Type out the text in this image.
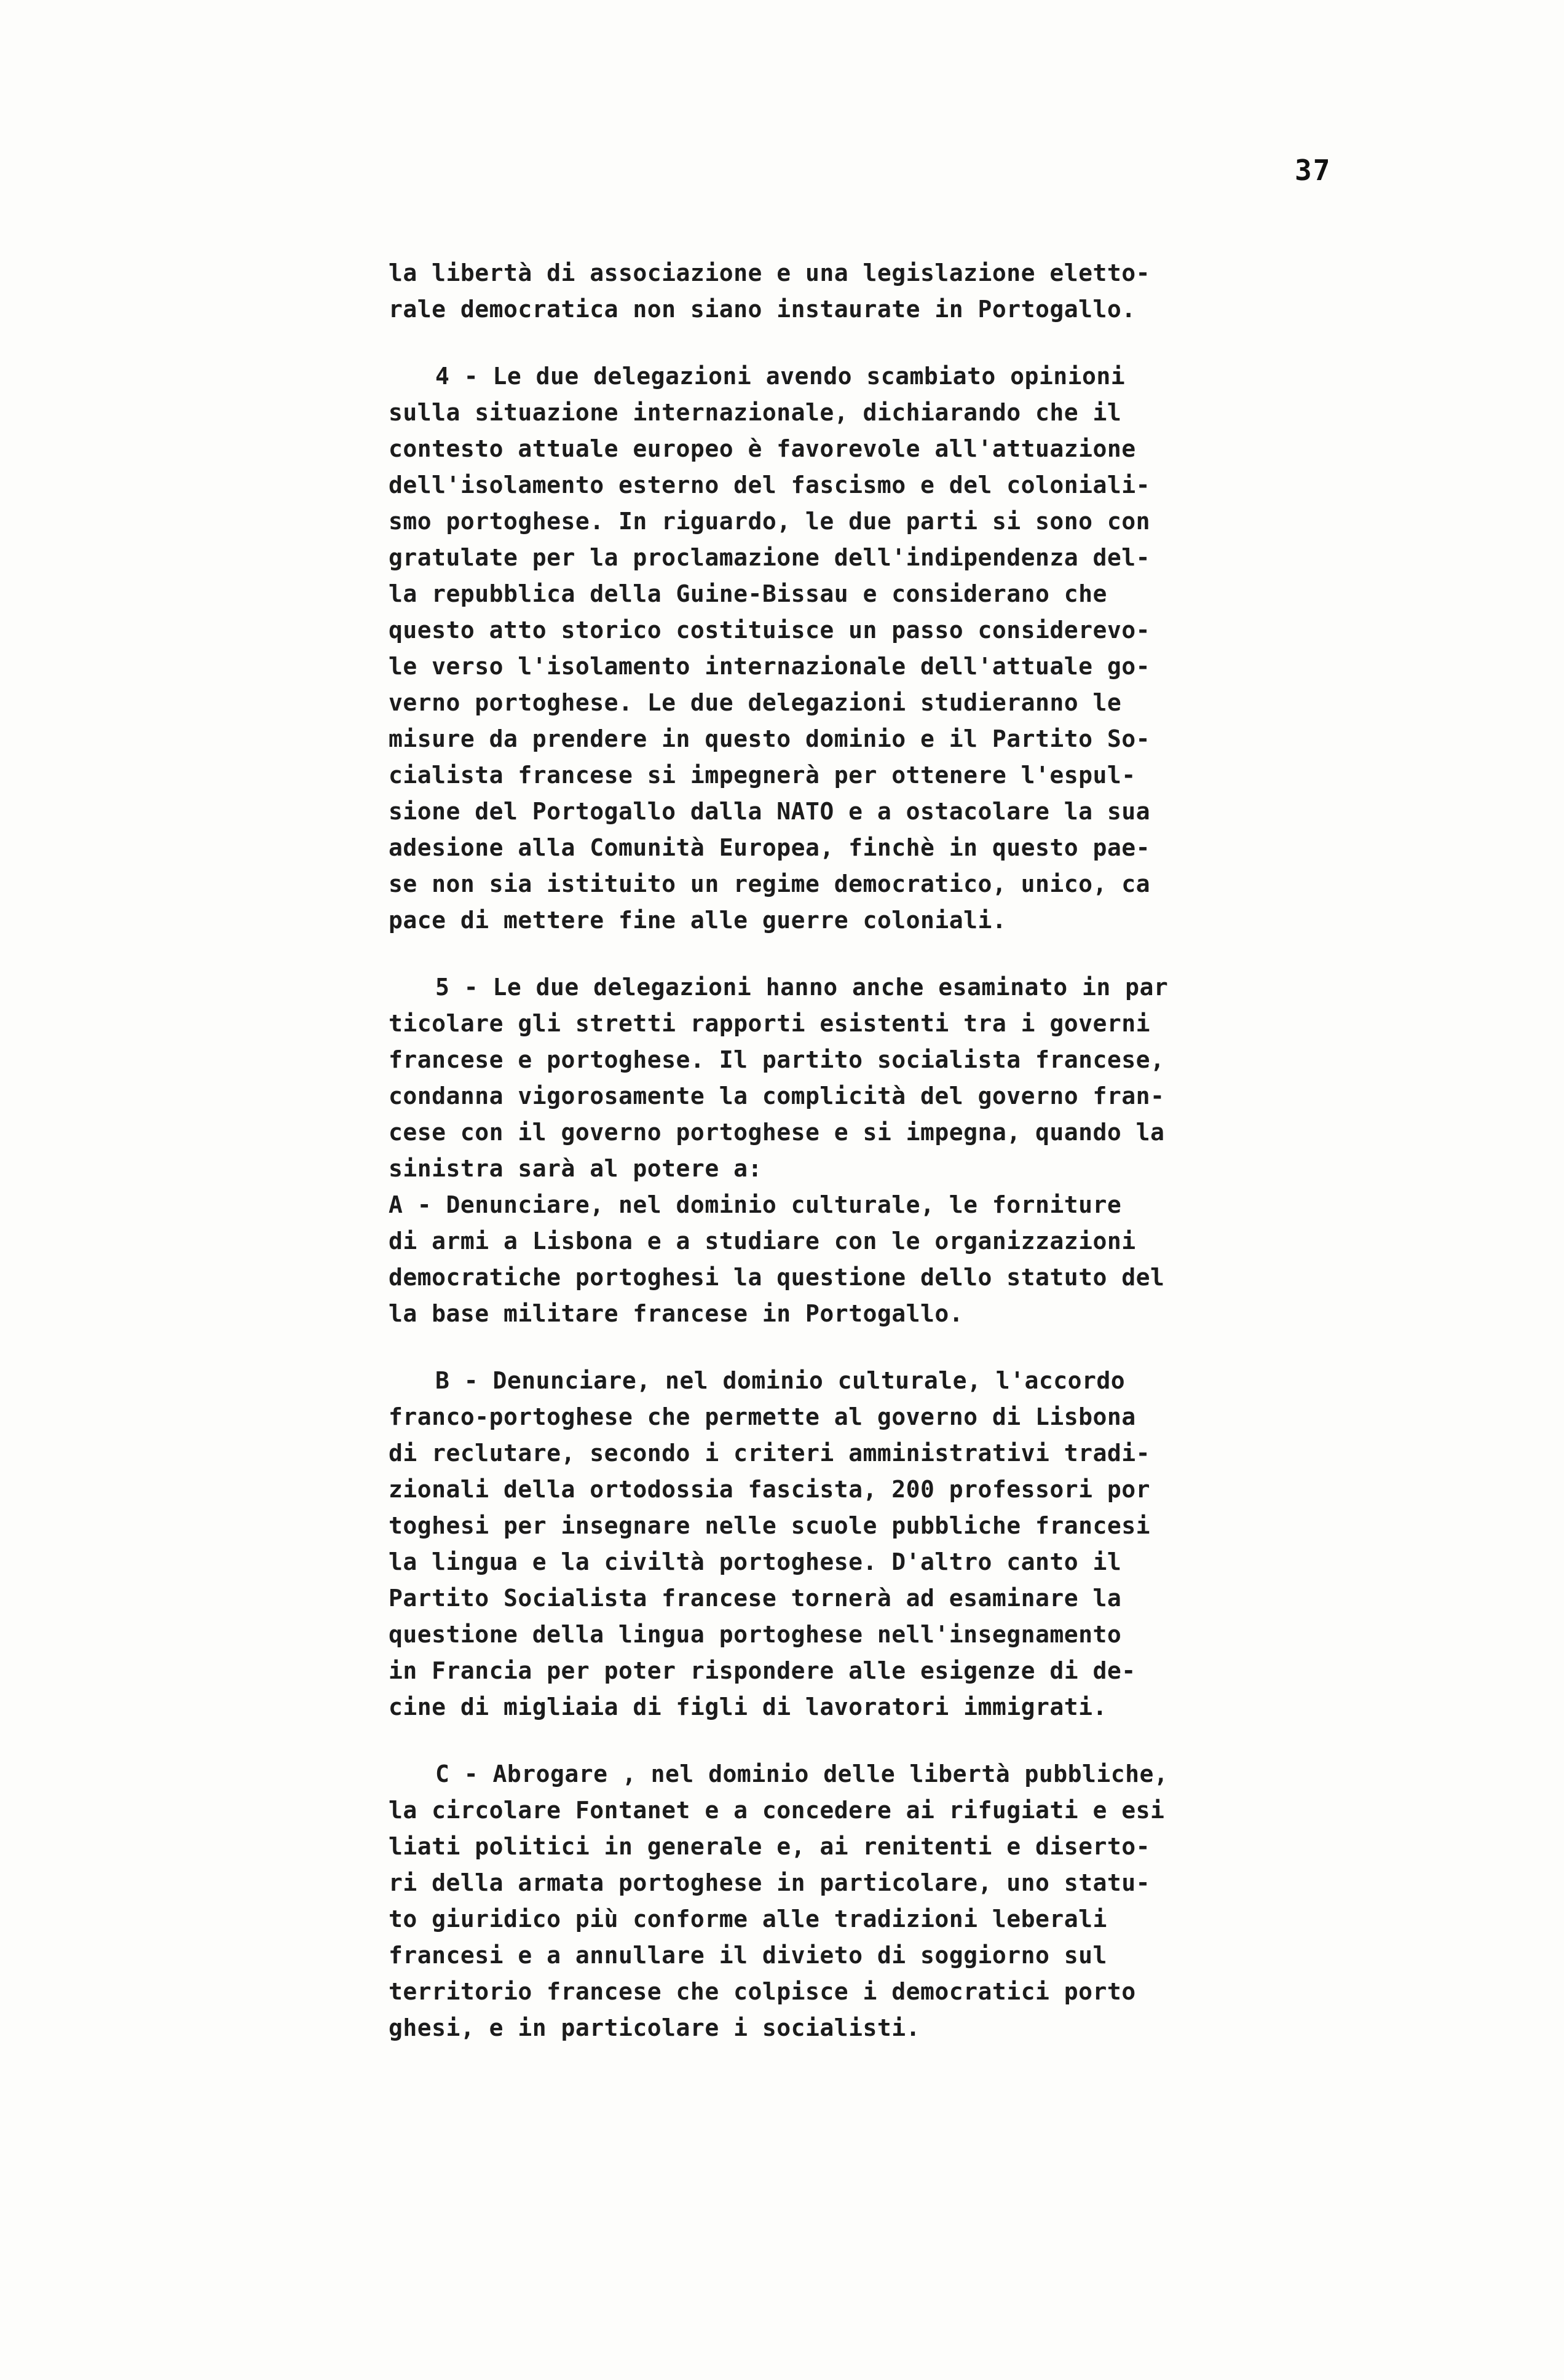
37
la libertà di associazione e una legislazione eletto-
rale democratica non siano instaurate in Portogallo.
4 - Le due delegazioni avendo scambiato opinioni
sulla situazione internazionale, dichiarando che il
contesto attuale europeo è favorevole all'attuazione
dell'isolamento esterno del fascismo e del coloniali-
smo portoghese. In riguardo, le due parti si sono con
gratulate per la proclamazione dell'indipendenza del-
la repubblica della Guine-Bissau e considerano che
questo atto storico costituisce un passo considerevo-
le verso l'isolamento internazionale dell'attuale go-
verno portoghese. Le due delegazioni studieranno le
misure da prendere in questo dominio e il Partito So-
cialista francese si impegnerà per ottenere l'espul-
sione del Portogallo dalla NATO e a ostacolare la sua
adesione alla Comunità Europea, finchè in questo pae-
se non sia istituito un regime democratico, unico, ca
pace di mettere fine alle guerre coloniali.
5 - Le due delegazioni hanno anche esaminato in par
ticolare gli stretti rapporti esistenti tra i governi
francese e portoghese. Il partito socialista francese,
condanna vigorosamente la complicità del governo fran-
cese con il governo portoghese e si impegna, quando la
sinistra sarà al potere a:
A - Denunciare, nel dominio culturale, le forniture
di armi a Lisbona e a studiare con le organizzazioni
democratiche portoghesi la questione dello statuto del
la base militare francese in Portogallo.
B - Denunciare, nel dominio culturale, l'accordo
franco-portoghese che permette al governo di Lisbona
di reclutare, secondo i criteri amministrativi tradi-
zionali della ortodossia fascista, 200 professori por
toghesi per insegnare nelle scuole pubbliche francesi
la lingua e la civiltà portoghese. D'altro canto il
Partito Socialista francese tornerà ad esaminare la
questione della lingua portoghese nell'insegnamento
in Francia per poter rispondere alle esigenze di de-
cine di migliaia di figli di lavoratori immigrati.
C - Abrogare , nel dominio delle libertà pubbliche,
la circolare Fontanet e a concedere ai rifugiati e esi
liati politici in generale e, ai renitenti e diserto-
ri della armata portoghese in particolare, uno statu-
to giuridico più conforme alle tradizioni leberali
francesi e a annullare il divieto di soggiorno sul
territorio francese che colpisce i democratici porto
ghesi, e in particolare i socialisti.
